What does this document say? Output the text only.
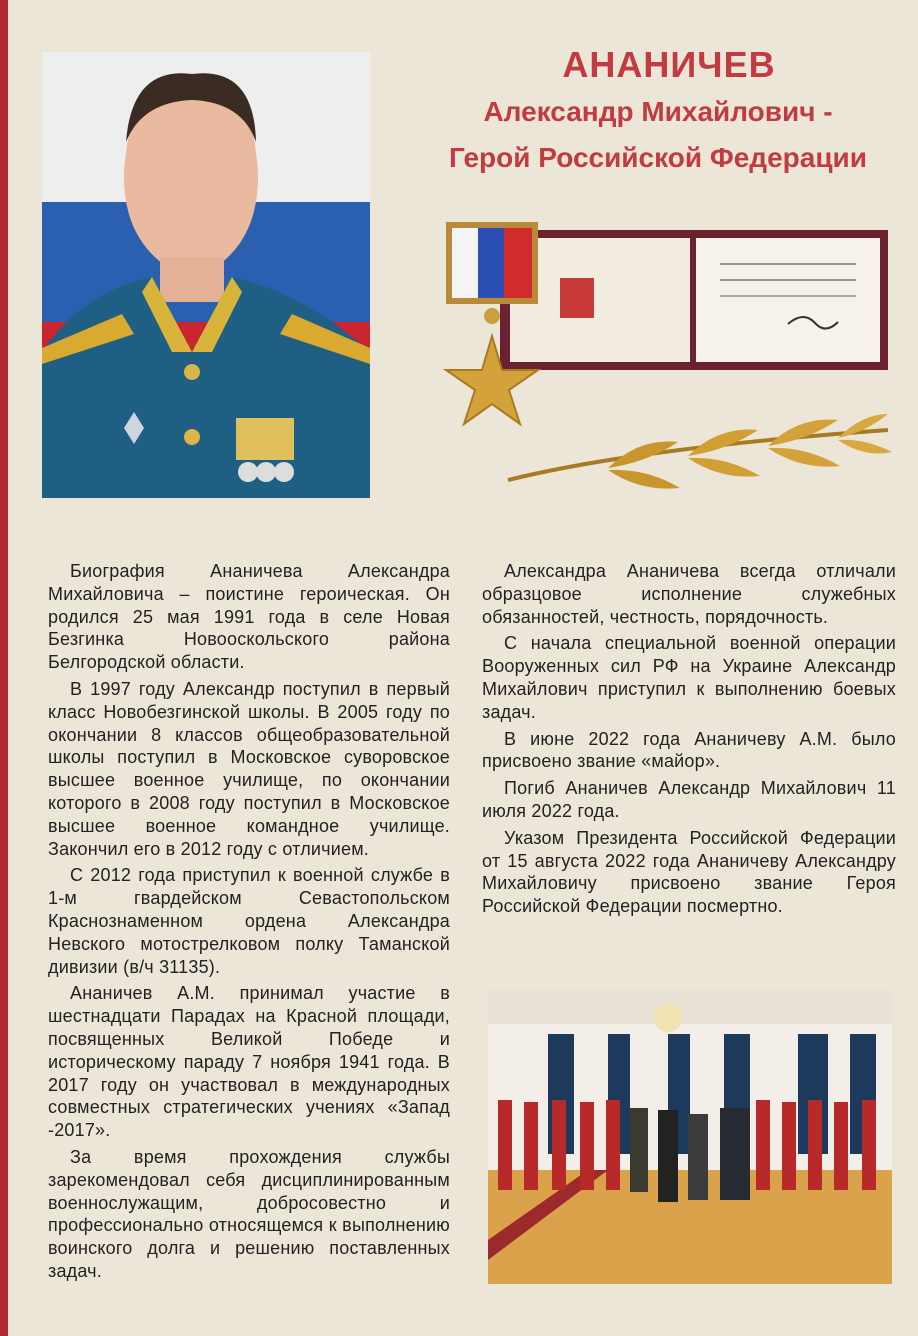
АНАНИЧЕВ
Александр Михайлович -
Герой Российской Федерации

Биография Ананичева Александра Михайловича – поистине героическая. Он родился 25 мая 1991 года в селе Новая Безгинка Новооскольского района Белгородской области.

В 1997 году Александр поступил в первый класс Новобезгинской школы. В 2005 году по окончании 8 классов общеобразовательной школы поступил в Московское суворовское высшее военное училище, по окончании которого в 2008 году поступил в Московское высшее военное командное училище. Закончил его в 2012 году с отличием.

С 2012 года приступил к военной службе в 1-м гвардейском Севастопольском Краснознаменном ордена Александра Невского мотострелковом полку Таманской дивизии (в/ч 31135).

Ананичев А.М. принимал участие в шестнадцати Парадах на Красной площади, посвященных Великой Победе и историческому параду 7 ноября 1941 года. В 2017 году он участвовал в международных совместных стратегических учениях «Запад -2017».

За время прохождения службы зарекомендовал себя дисциплинированным военнослужащим, добросовестно и профессионально относящемся к выполнению воинского долга и решению поставленных задач.

Александра Ананичева всегда отличали образцовое исполнение служебных обязанностей, честность, порядочность.

С начала специальной военной операции Вооруженных сил РФ на Украине Александр Михайлович приступил к выполнению боевых задач.

В июне 2022 года Ананичеву А.М. было присвоено звание «майор».

Погиб Ананичев Александр Михайлович 11 июля 2022 года.

Указом Президента Российской Федерации от 15 августа 2022 года Ананичеву Александру Михайловичу присвоено звание Героя Российской Федерации посмертно.
